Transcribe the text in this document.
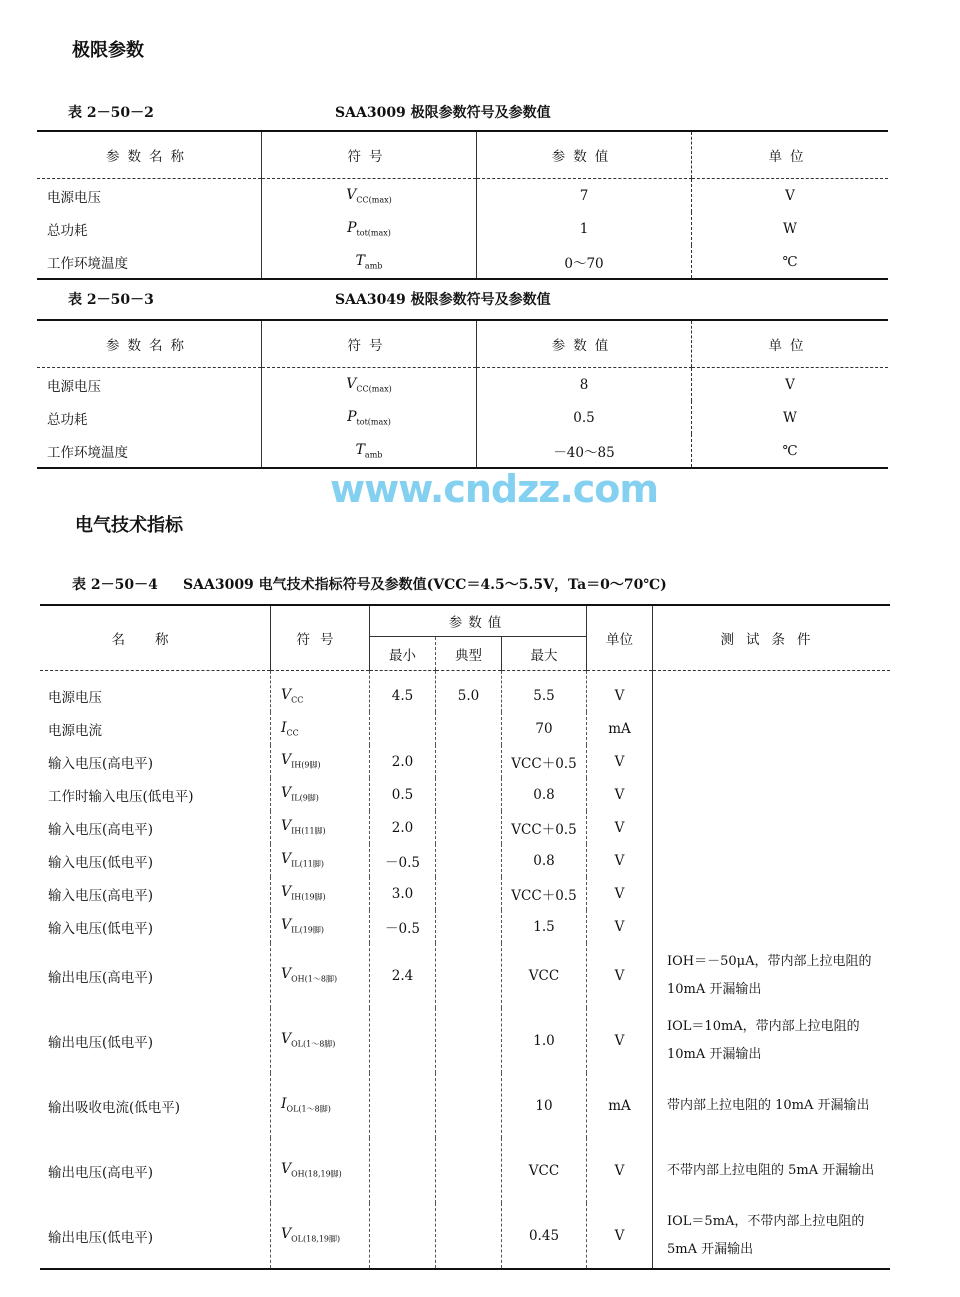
极限参数
表 2－50－2	SAA3009 极限参数符号及参数值
参数名称	符号	参数值	单位
电源电压	$V_{CC(max)}$	7	V
总功耗	$P_{tot(max)}$	1	W
工作环境温度	$T_{amb}$	0～70	℃
表 2－50－3	SAA3049 极限参数符号及参数值
参数名称	符号	参数值	单位
电源电压	$V_{CC(max)}$	8	V
总功耗	$P_{tot(max)}$	0.5	W
工作环境温度	$T_{amb}$	－40～85	℃
电气技术指标
表 2－50－4 SAA3009 电气技术指标符号及参数值(VCC＝4.5～5.5V，Ta＝0～70℃)
名称	符号	参数值			单位	测试条件
		最小	典型	最大		
电源电压	$V_{CC}$	4.5	5.0	5.5	V	
电源电流	$I_{CC}$			70	mA	
输入电压(高电平)	$V_{IH(9脚)}$	2.0		VCC＋0.5	V	
工作时输入电压(低电平)	$V_{IL(9脚)}$	0.5		0.8	V	
输入电压(高电平)	$V_{IH(11脚)}$	2.0		VCC＋0.5	V	
输入电压(低电平)	$V_{IL(11脚)}$	－0.5		0.8	V	
输入电压(高电平)	$V_{IH(19脚)}$	3.0		VCC＋0.5	V	
输入电压(低电平)	$V_{IL(19脚)}$	－0.5		1.5	V	
输出电压(高电平)	$V_{OH(1\sim 8脚)}$	2.4		VCC	V	IOH＝－50μA，带内部上拉电阻的 10mA 开漏输出
输出电压(低电平)	$V_{OL(1\sim 8脚)}$			1.0	V	IOL＝10mA，带内部上拉电阻的 10mA 开漏输出
输出吸收电流(低电平)	$I_{OL(1\sim 8脚)}$			10	mA	带内部上拉电阻的 10mA 开漏输出
输出电压(高电平)	$V_{OH(18,19脚)}$			VCC	V	不带内部上拉电阻的 5mA 开漏输出
输出电压(低电平)	$V_{OL(18,19脚)}$			0.45	V	IOL＝5mA，不带内部上拉电阻的 5mA 开漏输出
www.cndzz.com
